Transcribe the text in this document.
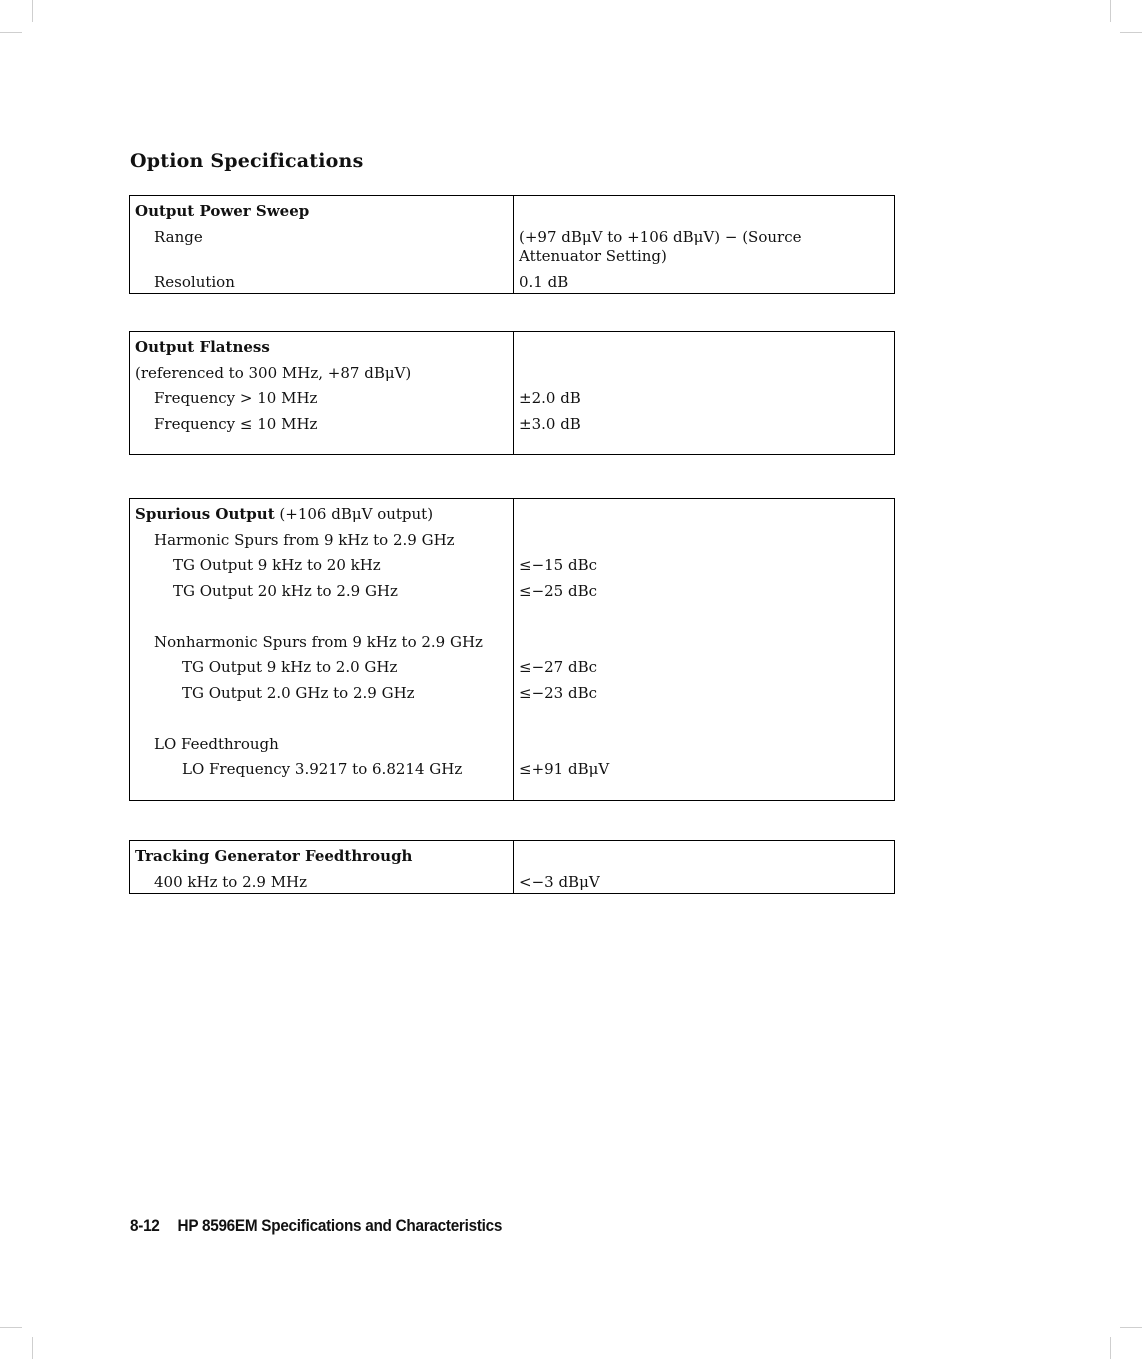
Option Specifications
Output Power Sweep
Range	(+97 dBμV to +106 dBμV) − (Source Attenuator Setting)
Resolution	0.1 dB
Output Flatness
(referenced to 300 MHz, +87 dBμV)
Frequency > 10 MHz	±2.0 dB
Frequency ≤ 10 MHz	±3.0 dB
Spurious Output (+106 dBμV output)
Harmonic Spurs from 9 kHz to 2.9 GHz
TG Output 9 kHz to 20 kHz	≤−15 dBc
TG Output 20 kHz to 2.9 GHz	≤−25 dBc
Nonharmonic Spurs from 9 kHz to 2.9 GHz
TG Output 9 kHz to 2.0 GHz	≤−27 dBc
TG Output 2.0 GHz to 2.9 GHz	≤−23 dBc
LO Feedthrough
LO Frequency 3.9217 to 6.8214 GHz	≤+91 dBμV
Tracking Generator Feedthrough
400 kHz to 2.9 MHz	<−3 dBμV
8-12 HP 8596EM Specifications and Characteristics
